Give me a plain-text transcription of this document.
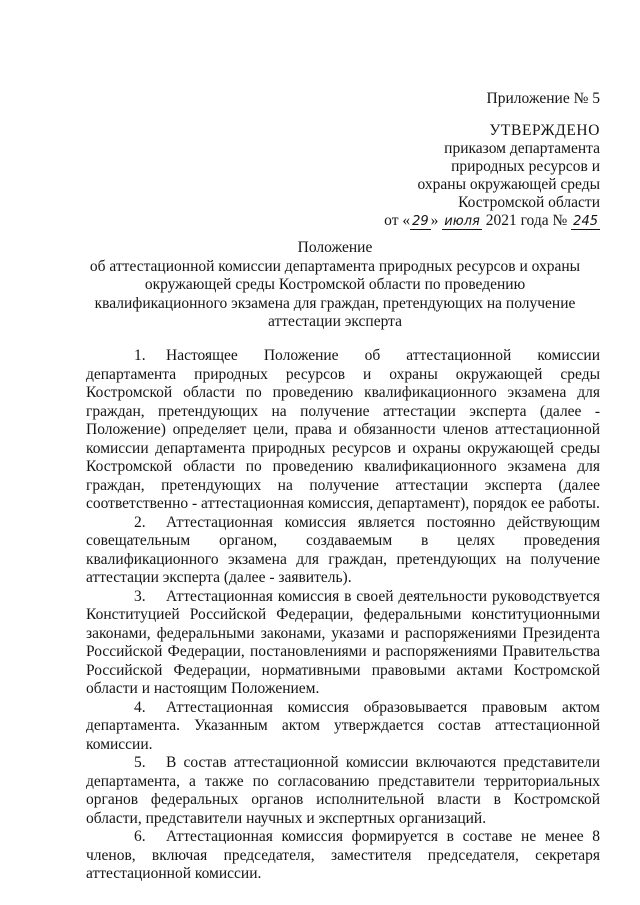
Приложение № 5
УТВЕРЖДЕНО
приказом департамента
природных ресурсов и
охраны окружающей среды
Костромской области
от « 29 » июля 2021 года № 245
Положение
об аттестационной комиссии департамента природных ресурсов и охраны
окружающей среды Костромской области по проведению
квалификационного экзамена для граждан, претендующих на получение
аттестации эксперта

1. Настоящее Положение об аттестационной комиссии департамента природных ресурсов и охраны окружающей среды Костромской области по проведению квалификационного экзамена для граждан, претендующих на получение аттестации эксперта (далее - Положение) определяет цели, права и обязанности членов аттестационной комиссии департамента природных ресурсов и охраны окружающей среды Костромской области по проведению квалификационного экзамена для граждан, претендующих на получение аттестации эксперта (далее соответственно - аттестационная комиссия, департамент), порядок ее работы.

2. Аттестационная комиссия является постоянно действующим совещательным органом, создаваемым в целях проведения квалификационного экзамена для граждан, претендующих на получение аттестации эксперта (далее - заявитель).

3. Аттестационная комиссия в своей деятельности руководствуется Конституцией Российской Федерации, федеральными конституционными законами, федеральными законами, указами и распоряжениями Президента Российской Федерации, постановлениями и распоряжениями Правительства Российской Федерации, нормативными правовыми актами Костромской области и настоящим Положением.

4. Аттестационная комиссия образовывается правовым актом департамента. Указанным актом утверждается состав аттестационной комиссии.

5. В состав аттестационной комиссии включаются представители департамента, а также по согласованию представители территориальных органов федеральных органов исполнительной власти в Костромской области, представители научных и экспертных организаций.

6. Аттестационная комиссия формируется в составе не менее 8 членов, включая председателя, заместителя председателя, секретаря аттестационной комиссии.
